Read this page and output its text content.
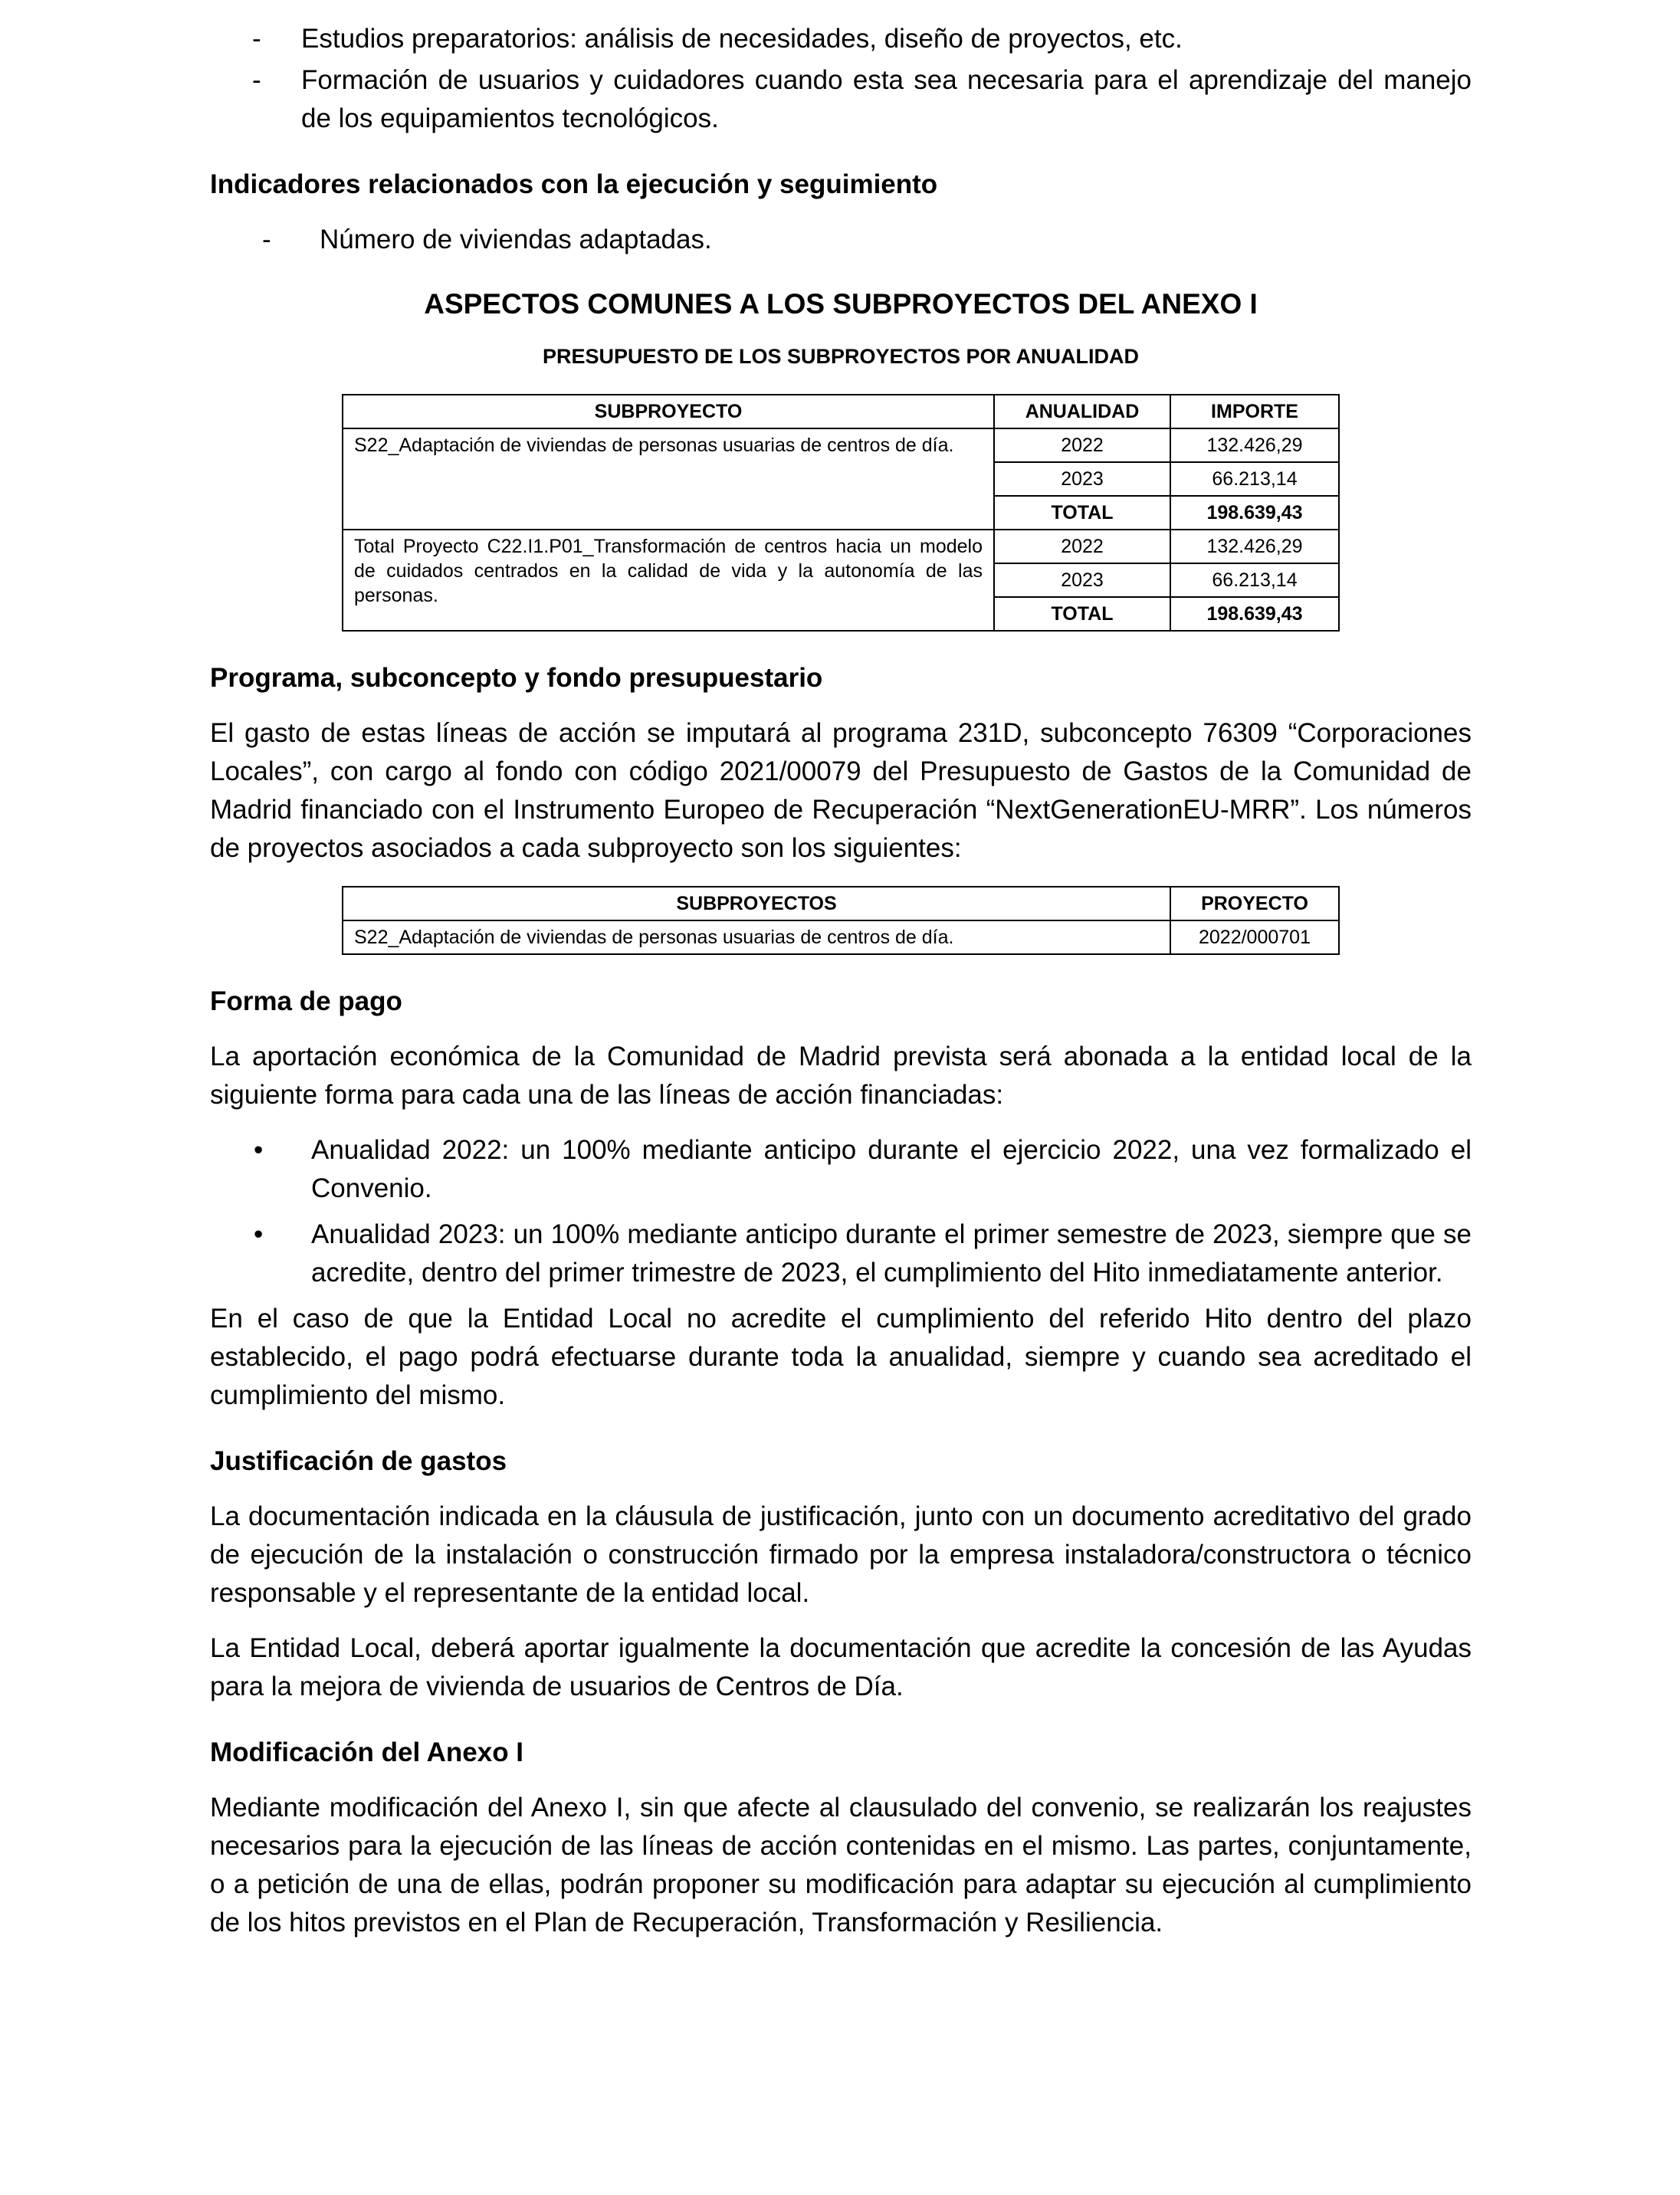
-
Estudios preparatorios: análisis de necesidades, diseño de proyectos, etc.
-
Formación de usuarios y cuidadores cuando esta sea necesaria para el aprendizaje del manejo de los equipamientos tecnológicos.
Indicadores relacionados con la ejecución y seguimiento
-
Número de viviendas adaptadas.
ASPECTOS COMUNES A LOS SUBPROYECTOS DEL ANEXO I
PRESUPUESTO DE LOS SUBPROYECTOS POR ANUALIDAD
SUBPROYECTO	ANUALIDAD	IMPORTE
S22_Adaptación de viviendas de personas usuarias de centros de día.	2022	132.426,29
	2023	66.213,14
	TOTAL	198.639,43
Total Proyecto C22.I1.P01_Transformación de centros hacia un modelo de cuidados centrados en la calidad de vida y la autonomía de las personas.	2022	132.426,29
	2023	66.213,14
	TOTAL	198.639,43
Programa, subconcepto y fondo presupuestario

El gasto de estas líneas de acción se imputará al programa 231D, subconcepto 76309 “Corporaciones Locales”, con cargo al fondo con código 2021/00079 del Presupuesto de Gastos de la Comunidad de Madrid financiado con el Instrumento Europeo de Recuperación “NextGenerationEU-MRR”. Los números de proyectos asociados a cada subproyecto son los siguientes:

SUBPROYECTOS	PROYECTO
S22_Adaptación de viviendas de personas usuarias de centros de día.	2022/000701
Forma de pago

La aportación económica de la Comunidad de Madrid prevista será abonada a la entidad local de la siguiente forma para cada una de las líneas de acción financiadas:

•
Anualidad 2022: un 100% mediante anticipo durante el ejercicio 2022, una vez formalizado el Convenio.
•
Anualidad 2023: un 100% mediante anticipo durante el primer semestre de 2023, siempre que se acredite, dentro del primer trimestre de 2023, el cumplimiento del Hito inmediatamente anterior.

En el caso de que la Entidad Local no acredite el cumplimiento del referido Hito dentro del plazo establecido, el pago podrá efectuarse durante toda la anualidad, siempre y cuando sea acreditado el cumplimiento del mismo.

Justificación de gastos

La documentación indicada en la cláusula de justificación, junto con un documento acreditativo del grado de ejecución de la instalación o construcción firmado por la empresa instaladora/constructora o técnico responsable y el representante de la entidad local.

La Entidad Local, deberá aportar igualmente la documentación que acredite la concesión de las Ayudas para la mejora de vivienda de usuarios de Centros de Día.

Modificación del Anexo I

Mediante modificación del Anexo I, sin que afecte al clausulado del convenio, se realizarán los reajustes necesarios para la ejecución de las líneas de acción contenidas en el mismo. Las partes, conjuntamente, o a petición de una de ellas, podrán proponer su modificación para adaptar su ejecución al cumplimiento de los hitos previstos en el Plan de Recuperación, Transformación y Resiliencia.
